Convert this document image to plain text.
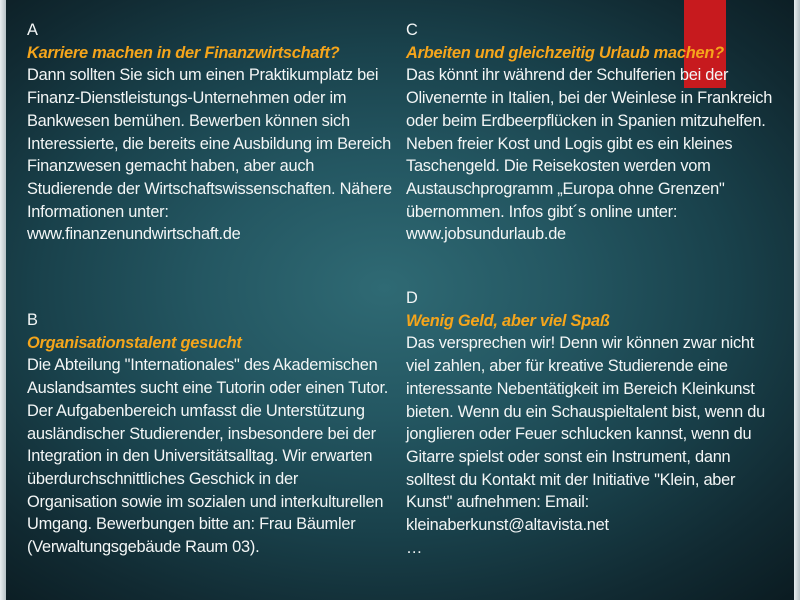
A
Karriere machen in der Finanzwirtschaft?
Dann sollten Sie sich um einen Praktikumplatz bei
Finanz-Dienstleistungs-Unternehmen oder im
Bankwesen bemühen. Bewerben können sich
Interessierte, die bereits eine Ausbildung im Bereich
Finanzwesen gemacht haben, aber auch
Studierende der Wirtschaftswissenschaften. Nähere
Informationen unter:
www.finanzenundwirtschaft.de
B
Organisationstalent gesucht
Die Abteilung "Internationales" des Akademischen
Auslandsamtes sucht eine Tutorin oder einen Tutor.
Der Aufgabenbereich umfasst die Unterstützung
ausländischer Studierender, insbesondere bei der
Integration in den Universitätsalltag. Wir erwarten
überdurchschnittliches Geschick in der
Organisation sowie im sozialen und interkulturellen
Umgang. Bewerbungen bitte an: Frau Bäumler
(Verwaltungsgebäude Raum 03).
C
Arbeiten und gleichzeitig Urlaub machen?
Das könnt ihr während der Schulferien bei der
Olivenernte in Italien, bei der Weinlese in Frankreich
oder beim Erdbeerpflücken in Spanien mitzuhelfen.
Neben freier Kost und Logis gibt es ein kleines
Taschengeld. Die Reisekosten werden vom
Austauschprogramm „Europa ohne Grenzen"
übernommen. Infos gibt´s online unter:
www.jobsundurlaub.de
D
Wenig Geld, aber viel Spaß
Das versprechen wir! Denn wir können zwar nicht
viel zahlen, aber für kreative Studierende eine
interessante Nebentätigkeit im Bereich Kleinkunst
bieten. Wenn du ein Schauspieltalent bist, wenn du
jonglieren oder Feuer schlucken kannst, wenn du
Gitarre spielst oder sonst ein Instrument, dann
solltest du Kontakt mit der Initiative "Klein, aber
Kunst" aufnehmen: Email:
kleinaberkunst@altavista.net
…
